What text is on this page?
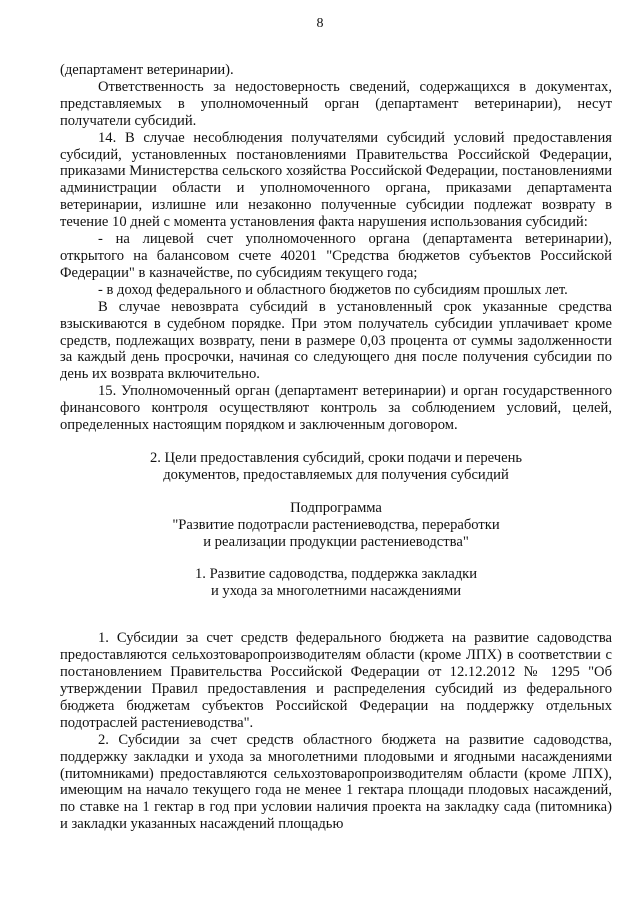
8

(департамент ветеринарии).

Ответственность за недостоверность сведений, содержащихся в документах, представляемых в уполномоченный орган (департамент ветеринарии), несут получатели субсидий.

14. В случае несоблюдения получателями субсидий условий предоставления субсидий, установленных постановлениями Правительства Российской Федерации, приказами Министерства сельского хозяйства Российской Федерации, постановлениями администрации области и уполномоченного органа, приказами департамента ветеринарии, излишне или незаконно полученные субсидии подлежат возврату в течение 10 дней с момента установления факта нарушения использования субсидий:

- на лицевой счет уполномоченного органа (департамента ветеринарии), открытого на балансовом счете 40201 "Средства бюджетов субъектов Российской Федерации" в казначействе, по субсидиям текущего года;

- в доход федерального и областного бюджетов по субсидиям прошлых лет.

В случае невозврата субсидий в установленный срок указанные средства взыскиваются в судебном порядке. При этом получатель субсидии уплачивает кроме средств, подлежащих возврату, пени в размере 0,03 процента от суммы задолженности за каждый день просрочки, начиная со следующего дня после получения субсидии по день их возврата включительно.

15. Уполномоченный орган (департамент ветеринарии) и орган государственного финансового контроля осуществляют контроль за соблюдением условий, целей, определенных настоящим порядком и заключенным договором.

2. Цели предоставления субсидий, сроки подачи и перечень

документов, предоставляемых для получения субсидий

Подпрограмма

"Развитие подотрасли растениеводства, переработки

и реализации продукции растениеводства"

1. Развитие садоводства, поддержка закладки

и ухода за многолетними насаждениями

1. Субсидии за счет средств федерального бюджета на развитие садоводства предоставляются сельхозтоваропроизводителям области (кроме ЛПХ) в соответствии с постановлением Правительства Российской Федерации от 12.12.2012 № 1295 "Об утверждении Правил предоставления и распределения субсидий из федерального бюджета бюджетам субъектов Российской Федерации на поддержку отдельных подотраслей растениеводства".

2. Субсидии за счет средств областного бюджета на развитие садоводства, поддержку закладки и ухода за многолетними плодовыми и ягодными насаждениями (питомниками) предоставляются сельхозтоваропроизводителям области (кроме ЛПХ), имеющим на начало текущего года не менее 1 гектара площади плодовых насаждений, по ставке на 1 гектар в год при условии наличия проекта на закладку сада (питомника) и закладки указанных насаждений площадью
